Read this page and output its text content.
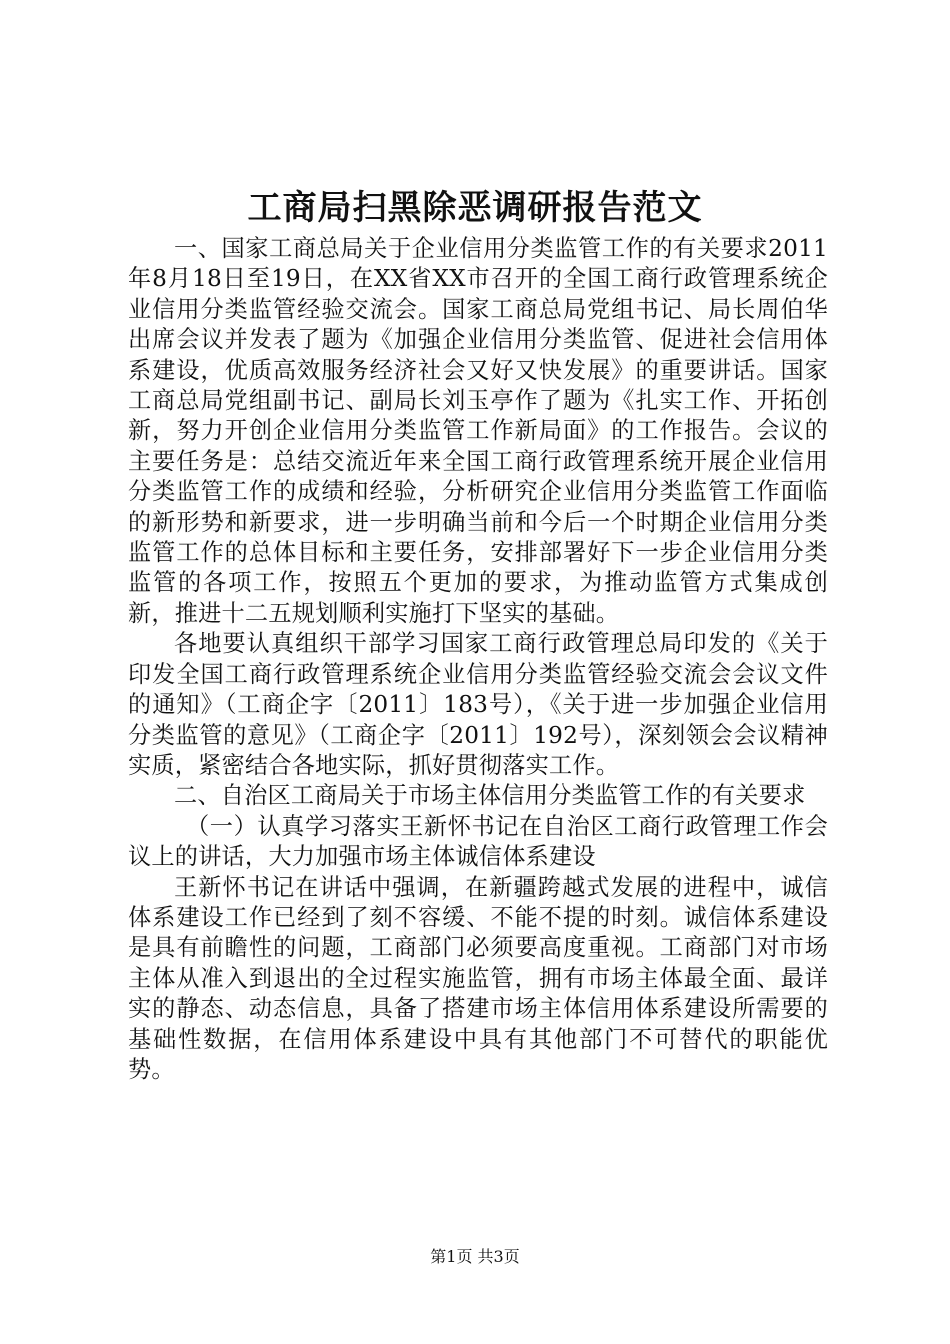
工商局扫黑除恶调研报告范文

一、国家工商总局关于企业信用分类监管工作的有关要求2011年8月18日至19日，在XX省XX市召开的全国工商行政管理系统企业信用分类监管经验交流会。国家工商总局党组书记、局长周伯华出席会议并发表了题为《加强企业信用分类监管、促进社会信用体系建设，优质高效服务经济社会又好又快发展》的重要讲话。国家工商总局党组副书记、副局长刘玉亭作了题为《扎实工作、开拓创新，努力开创企业信用分类监管工作新局面》的工作报告。会议的主要任务是：总结交流近年来全国工商行政管理系统开展企业信用分类监管工作的成绩和经验，分析研究企业信用分类监管工作面临的新形势和新要求，进一步明确当前和今后一个时期企业信用分类监管工作的总体目标和主要任务，安排部署好下一步企业信用分类监管的各项工作，按照五个更加的要求，为推动监管方式集成创新，推进十二五规划顺利实施打下坚实的基础。

各地要认真组织干部学习国家工商行政管理总局印发的《关于印发全国工商行政管理系统企业信用分类监管经验交流会会议文件的通知》（工商企字〔2011〕183号），《关于进一步加强企业信用分类监管的意见》（工商企字〔2011〕192号），深刻领会会议精神实质，紧密结合各地实际，抓好贯彻落实工作。

二、自治区工商局关于市场主体信用分类监管工作的有关要求

（一）认真学习落实王新怀书记在自治区工商行政管理工作会议上的讲话，大力加强市场主体诚信体系建设

王新怀书记在讲话中强调，在新疆跨越式发展的进程中，诚信体系建设工作已经到了刻不容缓、不能不提的时刻。诚信体系建设是具有前瞻性的问题，工商部门必须要高度重视。工商部门对市场主体从准入到退出的全过程实施监管，拥有市场主体最全面、最详实的静态、动态信息，具备了搭建市场主体信用体系建设所需要的基础性数据，在信用体系建设中具有其他部门不可替代的职能优势。

第1页 共3页
